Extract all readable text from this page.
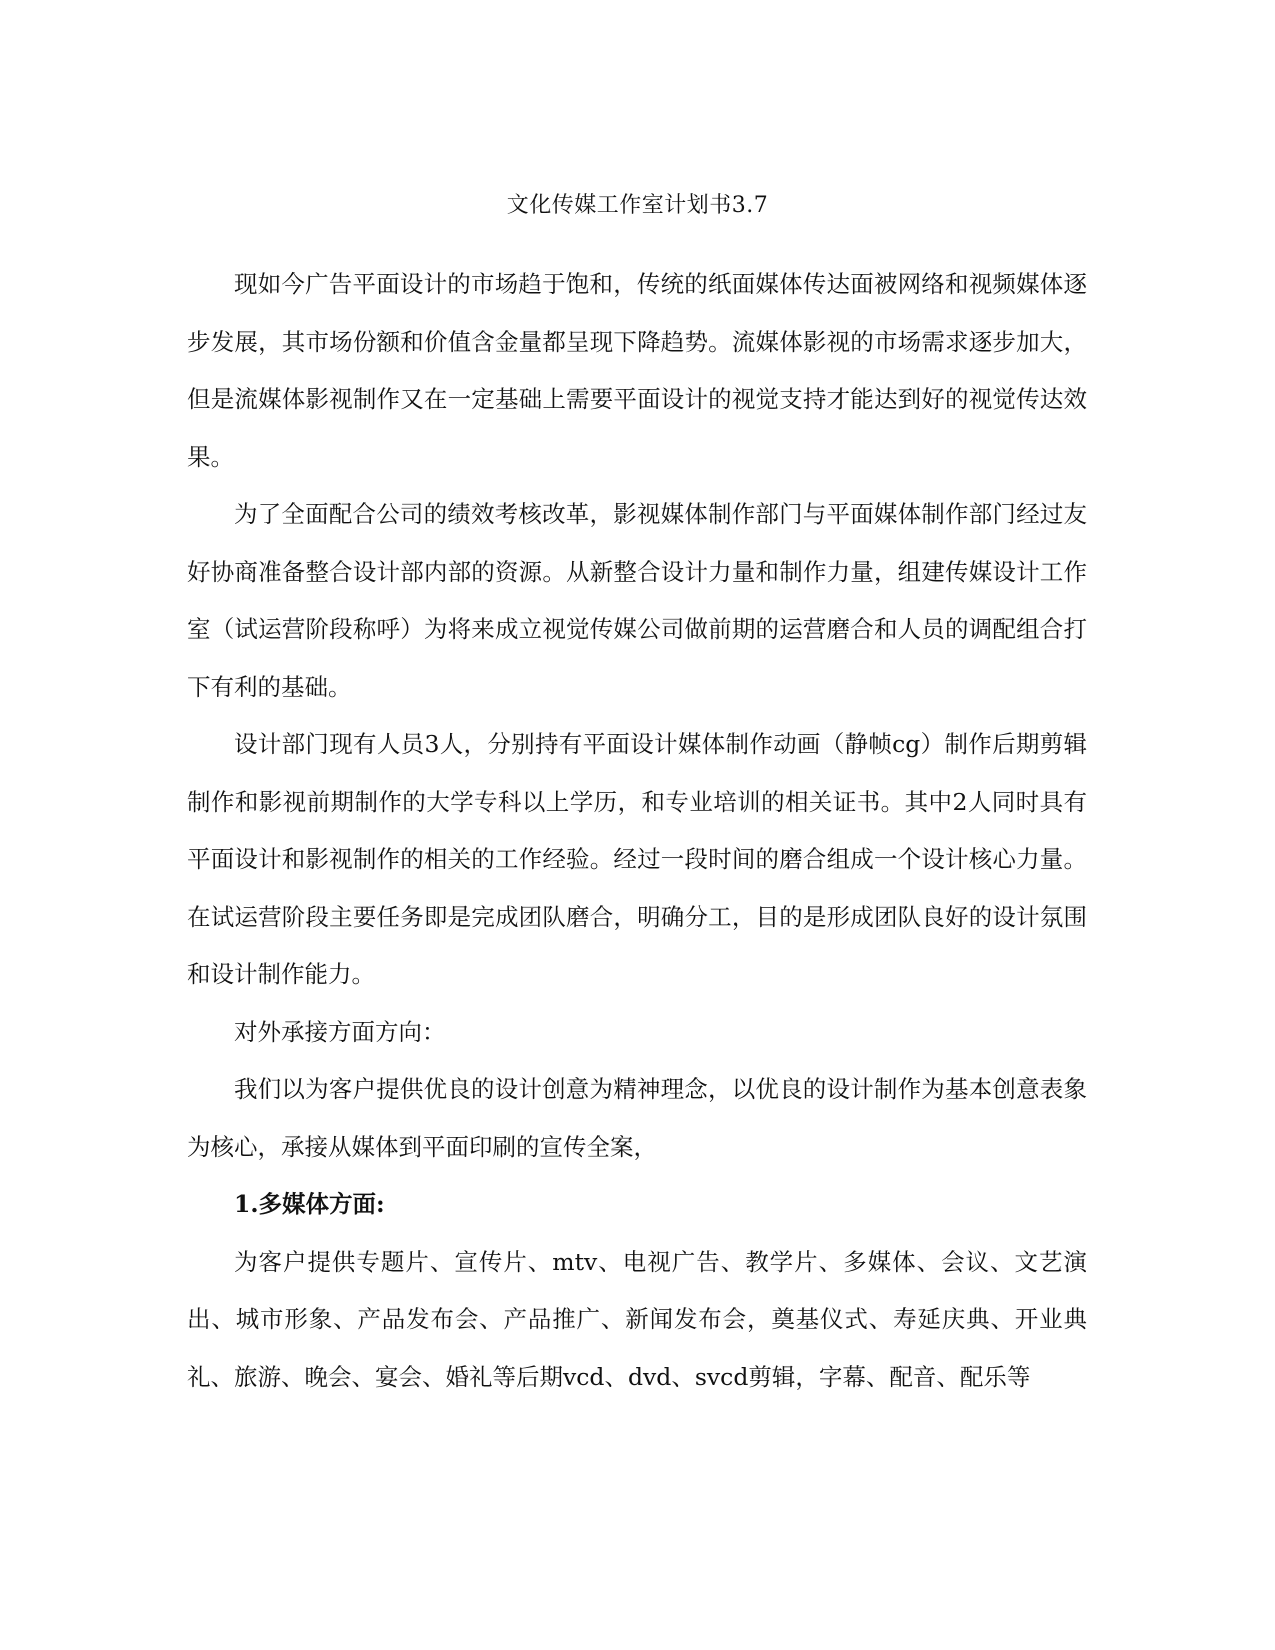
文化传媒工作室计划书3.7

现如今广告平面设计的市场趋于饱和，传统的纸面媒体传达面被网络和视频媒体逐步发展，其市场份额和价值含金量都呈现下降趋势。流媒体影视的市场需求逐步加大，但是流媒体影视制作又在一定基础上需要平面设计的视觉支持才能达到好的视觉传达效果。

为了全面配合公司的绩效考核改革，影视媒体制作部门与平面媒体制作部门经过友好协商准备整合设计部内部的资源。从新整合设计力量和制作力量，组建传媒设计工作室（试运营阶段称呼）为将来成立视觉传媒公司做前期的运营磨合和人员的调配组合打下有利的基础。

设计部门现有人员3人，分别持有平面设计媒体制作动画（静帧cg）制作后期剪辑制作和影视前期制作的大学专科以上学历，和专业培训的相关证书。其中2人同时具有平面设计和影视制作的相关的工作经验。经过一段时间的磨合组成一个设计核心力量。在试运营阶段主要任务即是完成团队磨合，明确分工，目的是形成团队良好的设计氛围和设计制作能力。

对外承接方面方向：

我们以为客户提供优良的设计创意为精神理念，以优良的设计制作为基本创意表象为核心，承接从媒体到平面印刷的宣传全案，

1.多媒体方面:

为客户提供专题片、宣传片、mtv、电视广告、教学片、多媒体、会议、文艺演出、城市形象、产品发布会、产品推广、新闻发布会，奠基仪式、寿延庆典、开业典礼、旅游、晚会、宴会、婚礼等后期vcd、dvd、svcd剪辑，字幕、配音、配乐等
